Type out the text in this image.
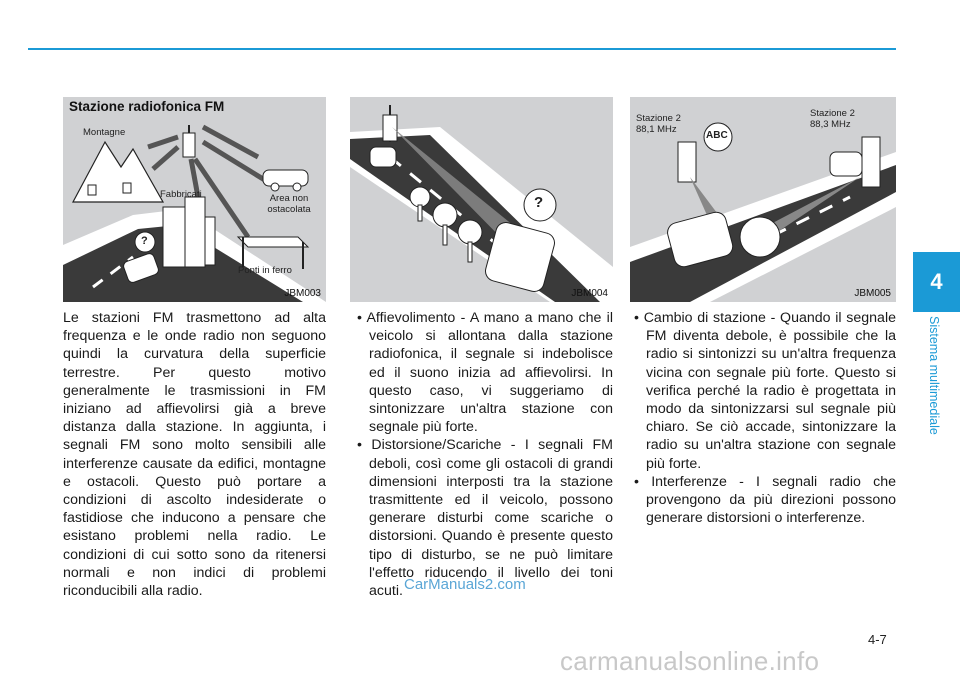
4
Sistema multimediale
Stazione radiofonica FM
Montagne
Fabbricati	Area non ostacolata
Ponti in ferro
?
JBM003
?
JBM004
Stazione 2
88,1 MHz
Stazione 2
88,3 MHz
ABC
JBM005

Le stazioni FM trasmettono ad alta frequenza e le onde radio non seguono quindi la curvatura della superficie terrestre. Per questo motivo generalmente le trasmissioni in FM iniziano ad affievolirsi già a breve distanza dalla stazione. In aggiunta, i segnali FM sono molto sensibili alle interferenze causate da edifici, montagne e ostacoli. Questo può portare a condizioni di ascolto indesiderate o fastidiose che inducono a pensare che esistano problemi nella radio. Le condizioni di cui sotto sono da ritenersi normali e non indici di problemi riconducibili alla radio.

• Affievolimento - A mano a mano che il veicolo si allontana dalla stazione radiofonica, il segnale si indebolisce ed il suono inizia ad affievolirsi. In questo caso, vi suggeriamo di sintonizzare un'altra stazione con segnale più forte.

• Distorsione/Scariche - I segnali FM deboli, così come gli ostacoli di grandi dimensioni interposti tra la stazione trasmittente ed il veicolo, possono generare disturbi come scariche o distorsioni. Quando è presente questo tipo di disturbo, se ne può limitare l'effetto riducendo il livello dei toni acuti.

• Cambio di stazione - Quando il segnale FM diventa debole, è possibile che la radio si sintonizzi su un'altra frequenza vicina con segnale più forte. Questo si verifica perché la radio è progettata in modo da sintonizzarsi sul segnale più chiaro. Se ciò accade, sintonizzare la radio su un'altra stazione con segnale più forte.

• Interferenze - I segnali radio che provengono da più direzioni possono generare distorsioni o interferenze.

4-7
CarManuals2.com
carmanualsonline.info
